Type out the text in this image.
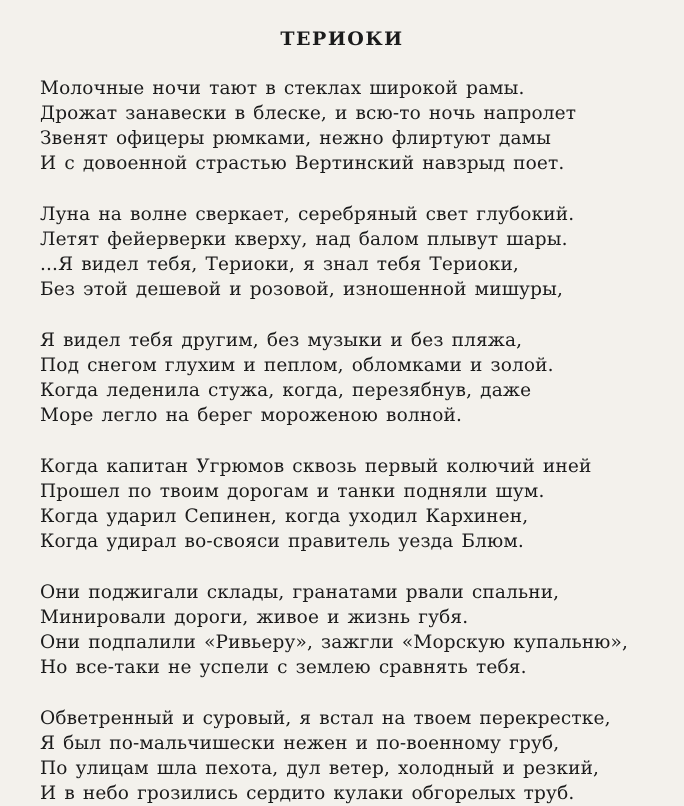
ТЕРИОКИ
Молочные ночи тают в стеклах широкой рамы.
Дрожат занавески в блеске, и всю-то ночь напролет
Звенят офицеры рюмками, нежно флиртуют дамы
И с довоенной страстью Вертинский навзрыд поет.
Луна на волне сверкает, серебряный свет глубокий.
Летят фейерверки кверху, над балом плывут шары.
...Я видел тебя, Териоки, я знал тебя Териоки,
Без этой дешевой и розовой, изношенной мишуры,
Я видел тебя другим, без музыки и без пляжа,
Под снегом глухим и пеплом, обломками и золой.
Когда леденила стужа, когда, перезябнув, даже
Море легло на берег мороженою волной.
Когда капитан Угрюмов сквозь первый колючий иней
Прошел по твоим дорогам и танки подняли шум.
Когда ударил Сепинен, когда уходил Кархинен,
Когда удирал во-свояси правитель уезда Блюм.
Они поджигали склады, гранатами рвали спальни,
Минировали дороги, живое и жизнь губя.
Они подпалили «Ривьеру», зажгли «Морскую купальню»,
Но все-таки не успели с землею сравнять тебя.
Обветренный и суровый, я встал на твоем перекрестке,
Я был по-мальчишески нежен и по-военному груб,
По улицам шла пехота, дул ветер, холодный и резкий,
И в небо грозились сердито кулаки обгорелых труб.
